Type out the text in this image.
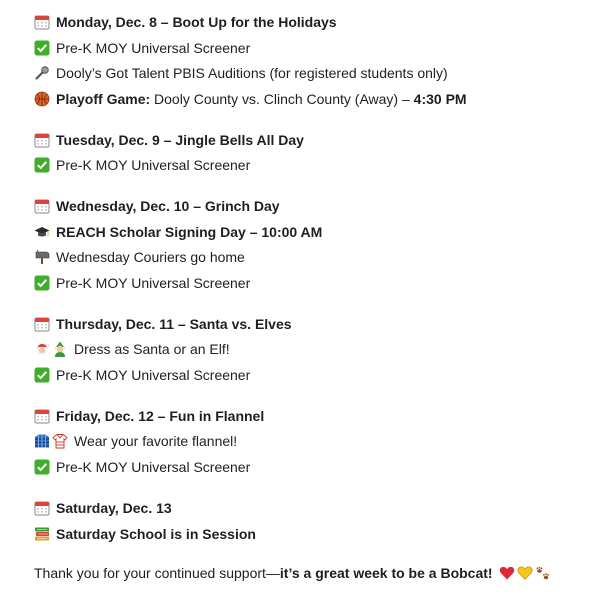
Monday, Dec. 8 – Boot Up for the Holidays
Pre-K MOY Universal Screener
Dooly’s Got Talent PBIS Auditions (for registered students only)
Playoff Game: Dooly County vs. Clinch County (Away) – 4:30 PM
Tuesday, Dec. 9 – Jingle Bells All Day
Pre-K MOY Universal Screener
Wednesday, Dec. 10 – Grinch Day
REACH Scholar Signing Day – 10:00 AM
Wednesday Couriers go home
Pre-K MOY Universal Screener
Thursday, Dec. 11 – Santa vs. Elves
Dress as Santa or an Elf!
Pre-K MOY Universal Screener
Friday, Dec. 12 – Fun in Flannel
Wear your favorite flannel!
Pre-K MOY Universal Screener
Saturday, Dec. 13
Saturday School is in Session
Thank you for your continued support— it’s a great week to be a Bobcat!
